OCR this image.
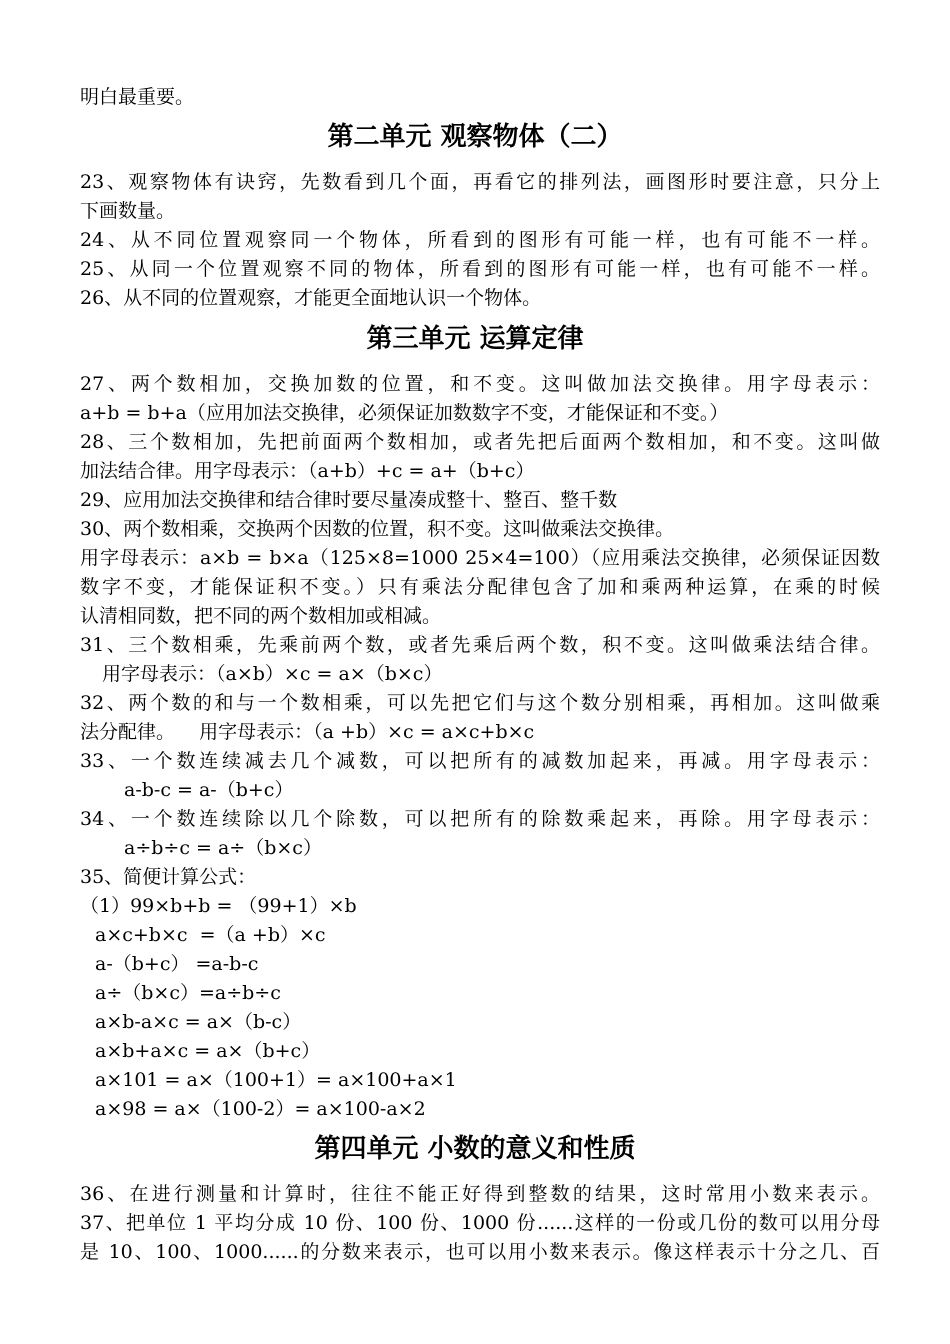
明白最重要。
第二单元 观察物体（二）
23、观察物体有诀窍，先数看到几个面，再看它的排列法，画图形时要注意，只分上
下画数量。
24、从不同位置观察同一个物体，所看到的图形有可能一样，也有可能不一样。
25、从同一个位置观察不同的物体，所看到的图形有可能一样，也有可能不一样。
26、从不同的位置观察，才能更全面地认识一个物体。
第三单元 运算定律
27、两个数相加，交换加数的位置，和不变。这叫做加法交换律。用字母表示：
a+b = b+a（应用加法交换律，必须保证加数数字不变，才能保证和不变。）
28、三个数相加，先把前面两个数相加，或者先把后面两个数相加，和不变。这叫做
加法结合律。用字母表示：（a+b）+c = a+（b+c）
29、应用加法交换律和结合律时要尽量凑成整十、整百、整千数
30、两个数相乘，交换两个因数的位置，积不变。这叫做乘法交换律。
用字母表示：a×b = b×a（125×8=1000 25×4=100）（应用乘法交换律，必须保证因数
数字不变，才能保证积不变。）只有乘法分配律包含了加和乘两种运算，在乘的时候
认清相同数，把不同的两个数相加或相减。
31、三个数相乘，先乘前两个数，或者先乘后两个数，积不变。这叫做乘法结合律。
用字母表示：（a×b）×c = a×（b×c）
32、两个数的和与一个数相乘，可以先把它们与这个数分别相乘，再相加。这叫做乘
法分配律。    用字母表示：（a +b）×c = a×c+b×c
33、一个数连续减去几个减数，可以把所有的减数加起来，再减。用字母表示：
a-b-c = a-（b+c）
34、一个数连续除以几个除数，可以把所有的除数乘起来，再除。用字母表示：
a÷b÷c = a÷（b×c）
35、简便计算公式：
（1）99×b+b = （99+1）×b
a×c+b×c  =（a +b）×c
a-（b+c） =a-b-c
a÷（b×c）=a÷b÷c
a×b-a×c = a×（b-c）
a×b+a×c = a×（b+c）
a×101 = a×（100+1）= a×100+a×1
a×98 = a×（100-2）= a×100-a×2
第四单元 小数的意义和性质
36、在进行测量和计算时，往往不能正好得到整数的结果，这时常用小数来表示。
37、把单位 1 平均分成 10 份、100 份、1000 份......这样的一份或几份的数可以用分母
是 10、100、1000......的分数来表示，也可以用小数来表示。像这样表示十分之几、百
